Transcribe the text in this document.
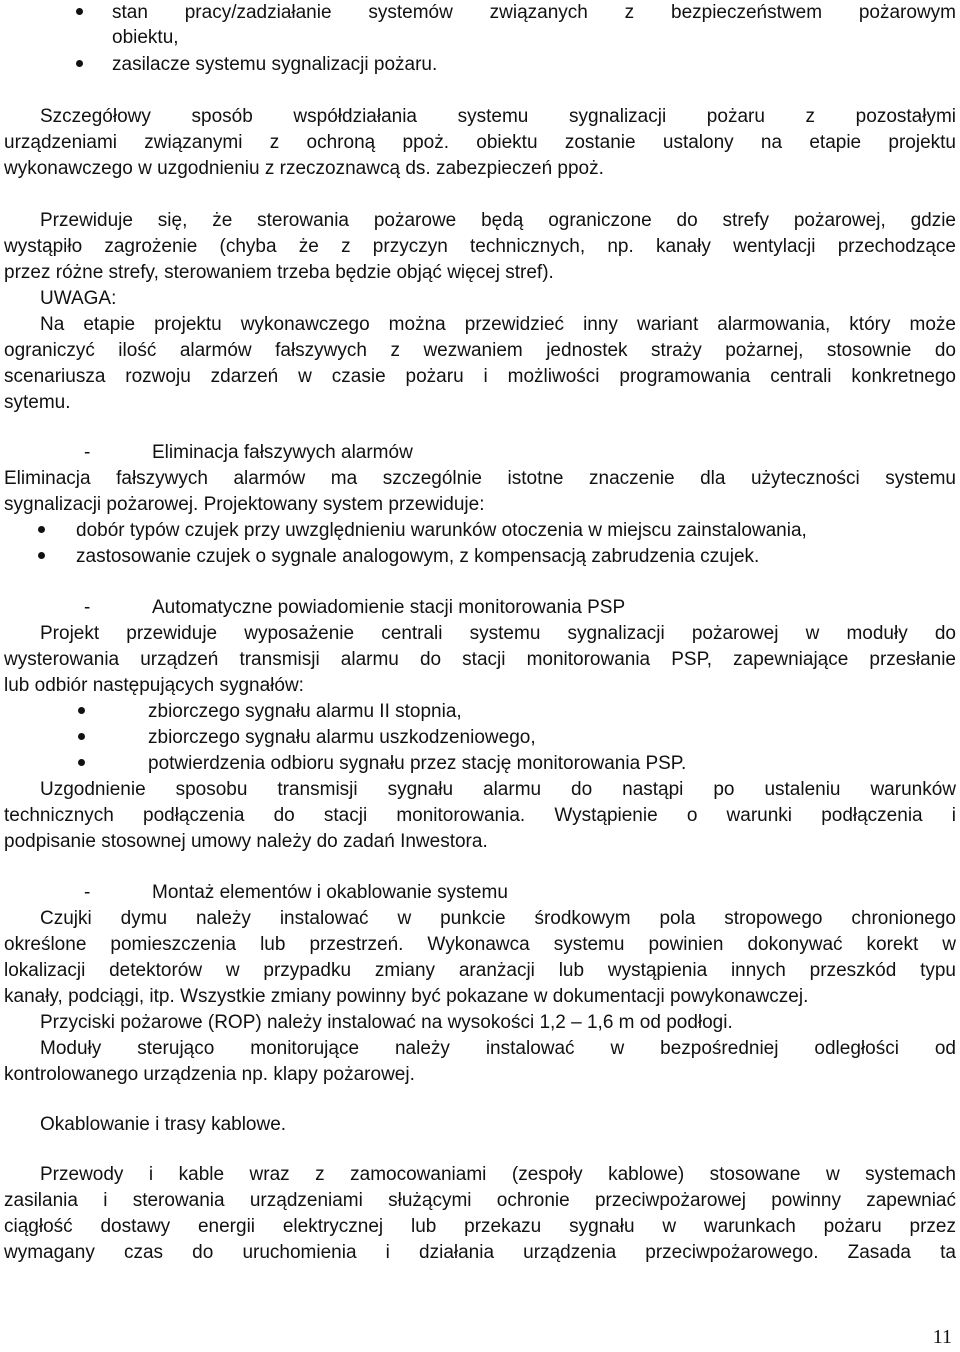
stan pracy/zadziałanie systemów związanych z bezpieczeństwem pożarowym
obiektu,
zasilacze systemu sygnalizacji pożaru.
Szczegółowy sposób współdziałania systemu sygnalizacji pożaru z pozostałymi
urządzeniami związanymi z ochroną ppoż. obiektu zostanie ustalony na etapie projektu
wykonawczego w uzgodnieniu z rzeczoznawcą ds. zabezpieczeń ppoż.
Przewiduje się, że sterowania pożarowe będą ograniczone do strefy pożarowej, gdzie
wystąpiło zagrożenie (chyba że z przyczyn technicznych, np. kanały wentylacji przechodzące
przez różne strefy, sterowaniem trzeba będzie objąć więcej stref).
UWAGA:
Na etapie projektu wykonawczego można przewidzieć inny wariant alarmowania, który może
ograniczyć ilość alarmów fałszywych z wezwaniem jednostek straży pożarnej, stosownie do
scenariusza rozwoju zdarzeń w czasie pożaru i możliwości programowania centrali konkretnego
sytemu.
-	Eliminacja fałszywych alarmów
Eliminacja fałszywych alarmów ma szczególnie istotne znaczenie dla użyteczności systemu
sygnalizacji pożarowej. Projektowany system przewiduje:
dobór typów czujek przy uwzględnieniu warunków otoczenia w miejscu zainstalowania,
zastosowanie czujek o sygnale analogowym, z kompensacją zabrudzenia czujek.
-	Automatyczne powiadomienie stacji monitorowania PSP
Projekt przewiduje wyposażenie centrali systemu sygnalizacji pożarowej w moduły do
wysterowania urządzeń transmisji alarmu do stacji monitorowania PSP, zapewniające przesłanie
lub odbiór następujących sygnałów:
zbiorczego sygnału alarmu II stopnia,
zbiorczego sygnału alarmu uszkodzeniowego,
potwierdzenia odbioru sygnału przez stację monitorowania PSP.
Uzgodnienie sposobu transmisji sygnału alarmu do nastąpi po ustaleniu warunków
technicznych podłączenia do stacji monitorowania. Wystąpienie o warunki podłączenia i
podpisanie stosownej umowy należy do zadań Inwestora.
-	Montaż elementów i okablowanie systemu
Czujki dymu należy instalować w punkcie środkowym pola stropowego chronionego
określone pomieszczenia lub przestrzeń. Wykonawca systemu powinien dokonywać korekt w
lokalizacji detektorów w przypadku zmiany aranżacji lub wystąpienia innych przeszkód typu
kanały, podciągi, itp. Wszystkie zmiany powinny być pokazane w dokumentacji powykonawczej.
Przyciski pożarowe (ROP) należy instalować na wysokości 1,2 – 1,6 m od podłogi.
Moduły sterująco monitorujące należy instalować w bezpośredniej odległości od
kontrolowanego urządzenia np. klapy pożarowej.
Okablowanie i trasy kablowe.
Przewody i kable wraz z zamocowaniami (zespoły kablowe) stosowane w systemach
zasilania i sterowania urządzeniami służącymi ochronie przeciwpożarowej powinny zapewniać
ciągłość dostawy energii elektrycznej lub przekazu sygnału w warunkach pożaru przez
wymagany czas do uruchomienia i działania urządzenia przeciwpożarowego. Zasada ta
11
